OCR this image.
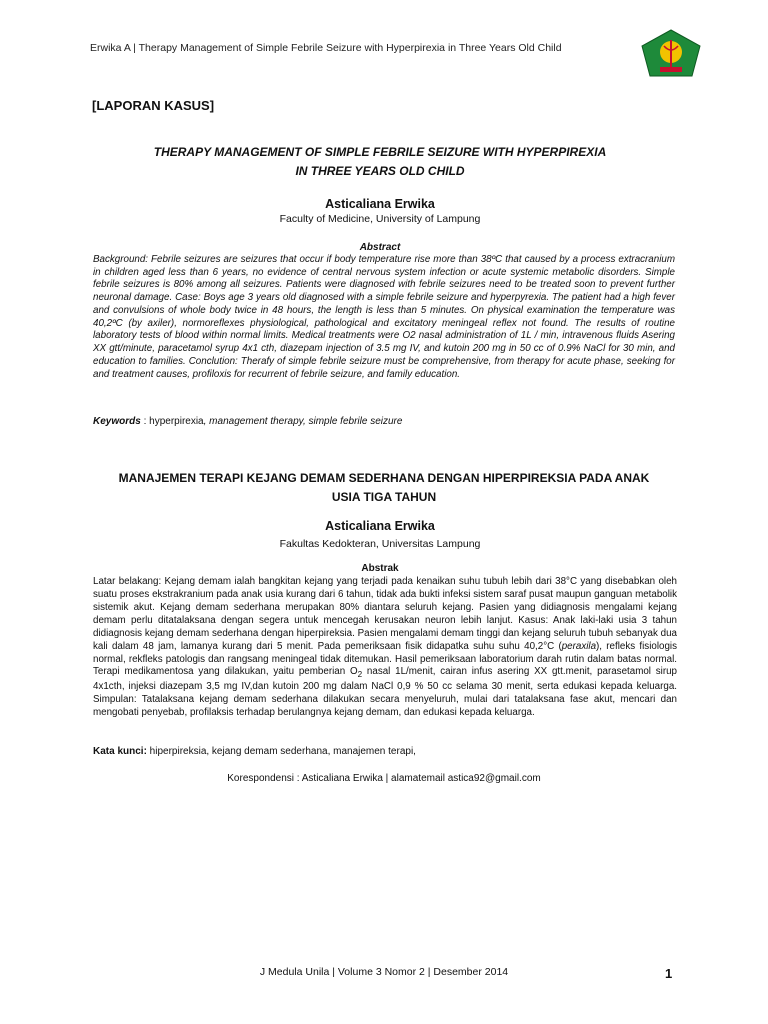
Erwika A | Therapy Management of Simple Febrile Seizure with Hyperpirexia in Three Years Old Child
[LAPORAN KASUS]
THERAPY MANAGEMENT OF SIMPLE FEBRILE SEIZURE WITH HYPERPIREXIA
IN THREE YEARS OLD CHILD
Asticaliana Erwika
Faculty of Medicine, University of Lampung
Abstract
Background: Febrile seizures are seizures that occur if body temperature rise more than 38ºC that caused by a process extracranium in children aged less than 6 years, no evidence of central nervous system infection or acute systemic metabolic disorders. Simple febrile seizures is 80% among all seizures. Patients were diagnosed with febrile seizures need to be treated soon to prevent further neuronal damage. Case: Boys age 3 years old diagnosed with a simple febrile seizure and hyperpyrexia. The patient had a high fever and convulsions of whole body twice in 48 hours, the length is less than 5 minutes. On physical examination the temperature was 40,2ºC (by axiler), normoreflexes physiological, pathological and excitatory meningeal reflex not found. The results of routine laboratory tests of blood within normal limits. Medical treatments were O2 nasal administration of 1L / min, intravenous fluids Asering XX gtt/minute, paracetamol syrup 4x1 cth, diazepam injection of 3.5 mg IV, and kutoin 200 mg in 50 cc of 0.9% NaCl for 30 min, and education to families. Conclution: Therafy of simple febrile seizure must be comprehensive, from therapy for acute phase, seeking for and treatment causes, profiloxis for recurrent of febrile seizure, and family education.
Keywords : hyperpirexia, management therapy, simple febrile seizure
MANAJEMEN TERAPI KEJANG DEMAM SEDERHANA DENGAN HIPERPIREKSIA PADA ANAK
USIA TIGA TAHUN
Asticaliana Erwika
Fakultas Kedokteran, Universitas Lampung
Abstrak
Latar belakang: Kejang demam ialah bangkitan kejang yang terjadi pada kenaikan suhu tubuh lebih dari 38°C yang disebabkan oleh suatu proses ekstrakranium pada anak usia kurang dari 6 tahun, tidak ada bukti infeksi sistem saraf pusat maupun ganguan metabolik sistemik akut. Kejang demam sederhana merupakan 80% diantara seluruh kejang. Pasien yang didiagnosis mengalami kejang demam perlu ditatalaksana dengan segera untuk mencegah kerusakan neuron lebih lanjut. Kasus: Anak laki-laki usia 3 tahun didiagnosis kejang demam sederhana dengan hiperpireksia. Pasien mengalami demam tinggi dan kejang seluruh tubuh sebanyak dua kali dalam 48 jam, lamanya kurang dari 5 menit. Pada pemeriksaan fisik didapatka suhu suhu 40,2°C (peraxila), refleks fisiologis normal, rekfleks patologis dan rangsang meningeal tidak ditemukan. Hasil pemeriksaan laboratorium darah rutin dalam batas normal. Terapi medikamentosa yang dilakukan, yaitu pemberian $O_2$ nasal 1L/menit, cairan infus asering XX gtt.menit, parasetamol sirup 4x1cth, injeksi diazepam 3,5 mg IV,dan kutoin 200 mg dalam NaCl 0,9 % 50 cc selama 30 menit, serta edukasi kepada keluarga. Simpulan: Tatalaksana kejang demam sederhana dilakukan secara menyeluruh, mulai dari tatalaksana fase akut, mencari dan mengobati penyebab, profilaksis terhadap berulangnya kejang demam, dan edukasi kepada keluarga.
Kata kunci: hiperpireksia, kejang demam sederhana, manajemen terapi,
Korespondensi : Asticaliana Erwika | alamatemail astica92@gmail.com
J Medula Unila | Volume 3 Nomor 2 | Desember 2014	1
